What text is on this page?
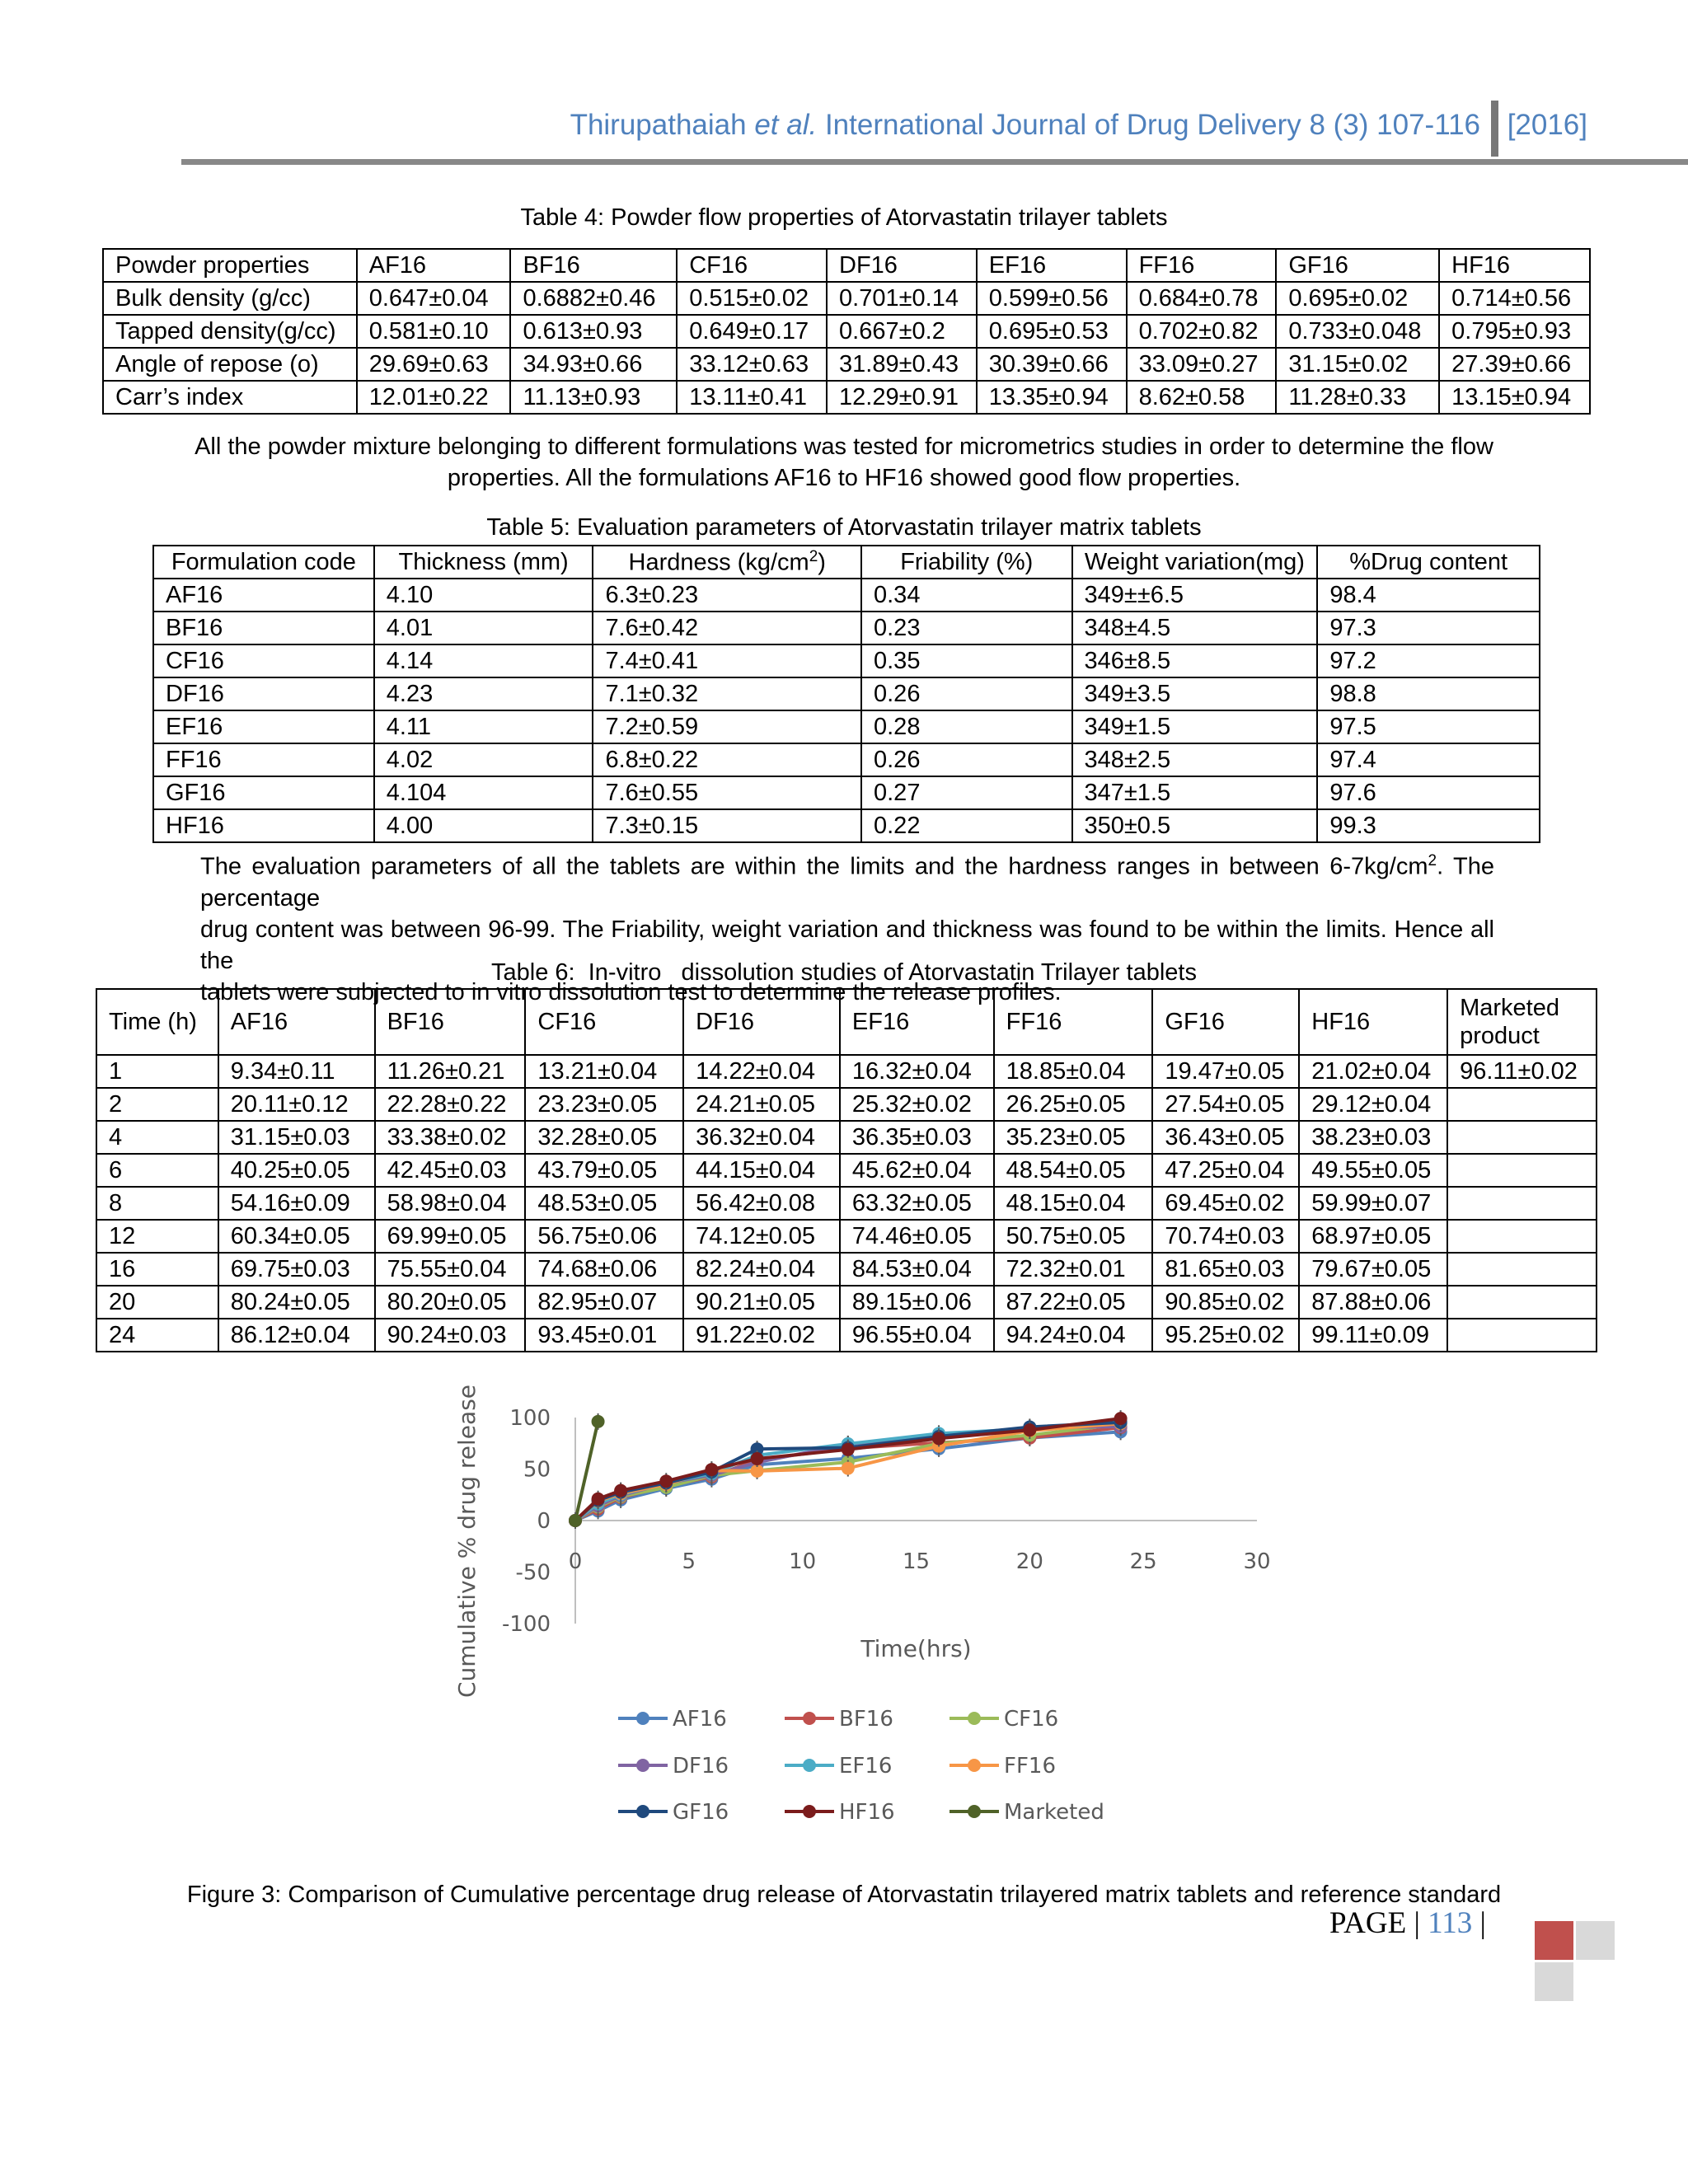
Thirupathaiah et al. International Journal of Drug Delivery 8 (3) 107-116 [2016]
Table 4: Powder flow properties of Atorvastatin trilayer tablets
Powder properties	AF16	BF16	CF16	DF16	EF16	FF16	GF16	HF16
Bulk density (g/cc)	0.647±0.04	0.6882±0.46	0.515±0.02	0.701±0.14	0.599±0.56	0.684±0.78	0.695±0.02	0.714±0.56
Tapped density(g/cc)	0.581±0.10	0.613±0.93	0.649±0.17	0.667±0.2	0.695±0.53	0.702±0.82	0.733±0.048	0.795±0.93
Angle of repose (o)	29.69±0.63	34.93±0.66	33.12±0.63	31.89±0.43	30.39±0.66	33.09±0.27	31.15±0.02	27.39±0.66
Carr’s index	12.01±0.22	11.13±0.93	13.11±0.41	12.29±0.91	13.35±0.94	8.62±0.58	11.28±0.33	13.15±0.94
All the powder mixture belonging to different formulations was tested for micrometrics studies in order to determine the flow
properties. All the formulations AF16 to HF16 showed good flow properties.
Table 5: Evaluation parameters of Atorvastatin trilayer matrix tablets
Formulation code	Thickness (mm)	Hardness $(kg/cm^2)$	Friability (%)	Weight variation(mg)	%Drug content
AF16	4.10	6.3±0.23	0.34	349±±6.5	98.4
BF16	4.01	7.6±0.42	0.23	348±4.5	97.3
CF16	4.14	7.4±0.41	0.35	346±8.5	97.2
DF16	4.23	7.1±0.32	0.26	349±3.5	98.8
EF16	4.11	7.2±0.59	0.28	349±1.5	97.5
FF16	4.02	6.8±0.22	0.26	348±2.5	97.4
GF16	4.104	7.6±0.55	0.27	347±1.5	97.6
HF16	4.00	7.3±0.15	0.22	350±0.5	99.3
The evaluation parameters of all the tablets are within the limits and the hardness ranges in between $6-7kg/cm^2$. The percentage
drug content was between 96-99. The Friability, weight variation and thickness was found to be within the limits. Hence all the
tablets were subjected to in vitro dissolution test to determine the release profiles.
Table 6:  In-vitro   dissolution studies of Atorvastatin Trilayer tablets
Time (h)	AF16	BF16	CF16	DF16	EF16	FF16	GF16	HF16	Marketed product
1	9.34±0.11	11.26±0.21	13.21±0.04	14.22±0.04	16.32±0.04	18.85±0.04	19.47±0.05	21.02±0.04	96.11±0.02
2	20.11±0.12	22.28±0.22	23.23±0.05	24.21±0.05	25.32±0.02	26.25±0.05	27.54±0.05	29.12±0.04	
4	31.15±0.03	33.38±0.02	32.28±0.05	36.32±0.04	36.35±0.03	35.23±0.05	36.43±0.05	38.23±0.03	
6	40.25±0.05	42.45±0.03	43.79±0.05	44.15±0.04	45.62±0.04	48.54±0.05	47.25±0.04	49.55±0.05	
8	54.16±0.09	58.98±0.04	48.53±0.05	56.42±0.08	63.32±0.05	48.15±0.04	69.45±0.02	59.99±0.07	
12	60.34±0.05	69.99±0.05	56.75±0.06	74.12±0.05	74.46±0.05	50.75±0.05	70.74±0.03	68.97±0.05	
16	69.75±0.03	75.55±0.04	74.68±0.06	82.24±0.04	84.53±0.04	72.32±0.01	81.65±0.03	79.67±0.05	
20	80.24±0.05	80.20±0.05	82.95±0.07	90.21±0.05	89.15±0.06	87.22±0.05	90.85±0.02	87.88±0.06	
24	86.12±0.04	90.24±0.03	93.45±0.01	91.22±0.02	96.55±0.04	94.24±0.04	95.25±0.02	99.11±0.09	
100
50
0
-50
-100
0	5	10	15	20	25	30
Time(hrs)
Cumulative % drug release
AF16	BF16	CF16
DF16	EF16	FF16
GF16	HF16	Marketed
Figure 3: Comparison of Cumulative percentage drug release of Atorvastatin trilayered matrix tablets and reference standard
PAGE | 113 |
